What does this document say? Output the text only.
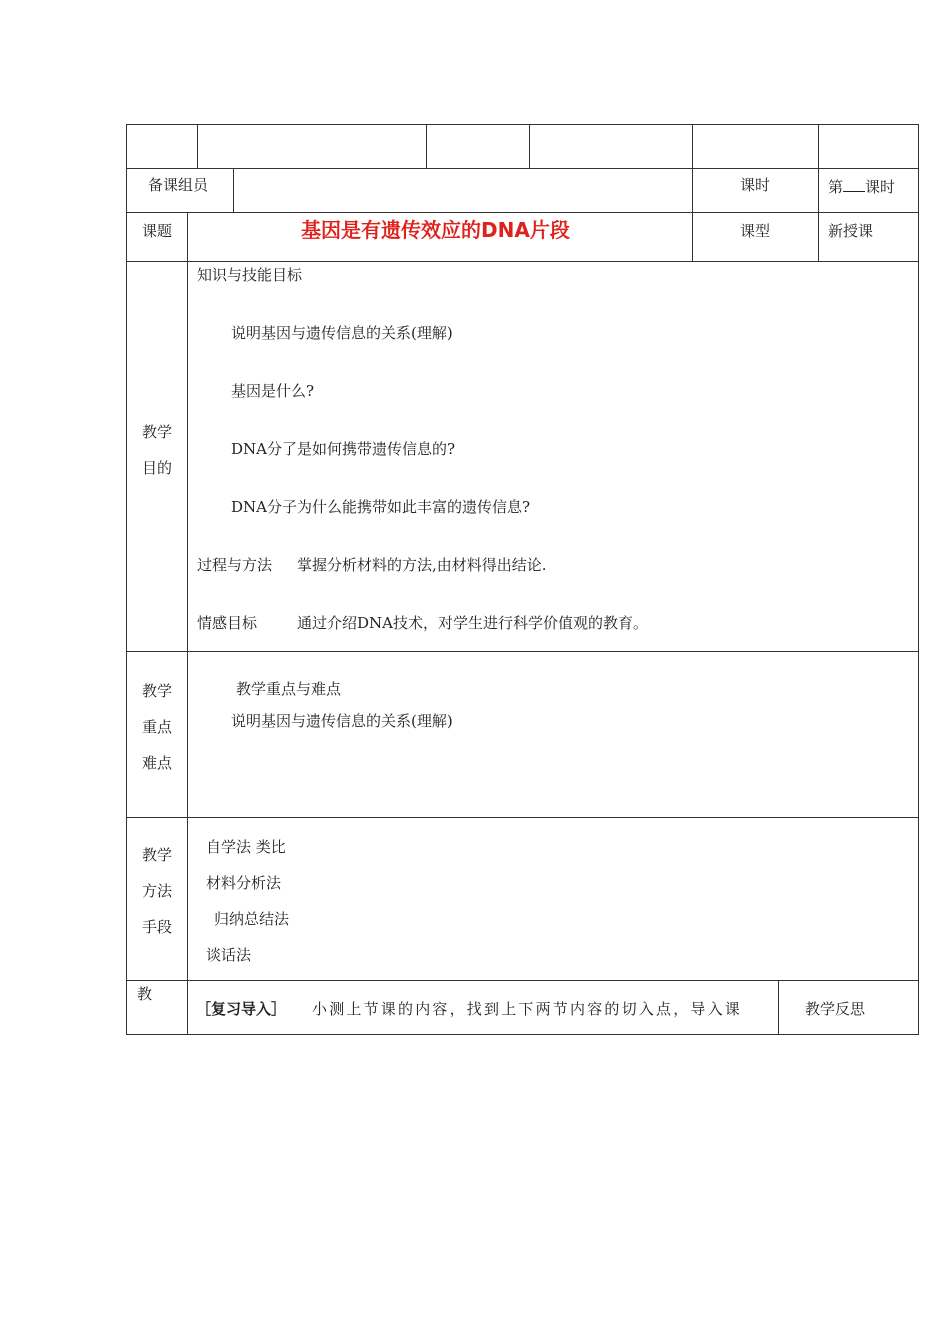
备课组员	课时	第 课时
课题	基因是有遗传效应的DNA片段	课型	新授课
教学
目的
知识与技能目标
说明基因与遗传信息的关系(理解)
基因是什么?
DNA分了是如何携带遗传信息的?
DNA分子为什么能携带如此丰富的遗传信息?
过程与方法 掌握分析材料的方法,由材料得出结论.
情感目标	通过介绍DNA技术，对学生进行科学价值观的教育。
教学
重点
难点
教学重点与难点
说明基因与遗传信息的关系(理解)
教学
方法
手段
自学法 类比
材料分析法
归纳总结法
谈话法
教
［复习导入］ 小测上节课的内容，找到上下两节内容的切入点，导入课	教学反思
